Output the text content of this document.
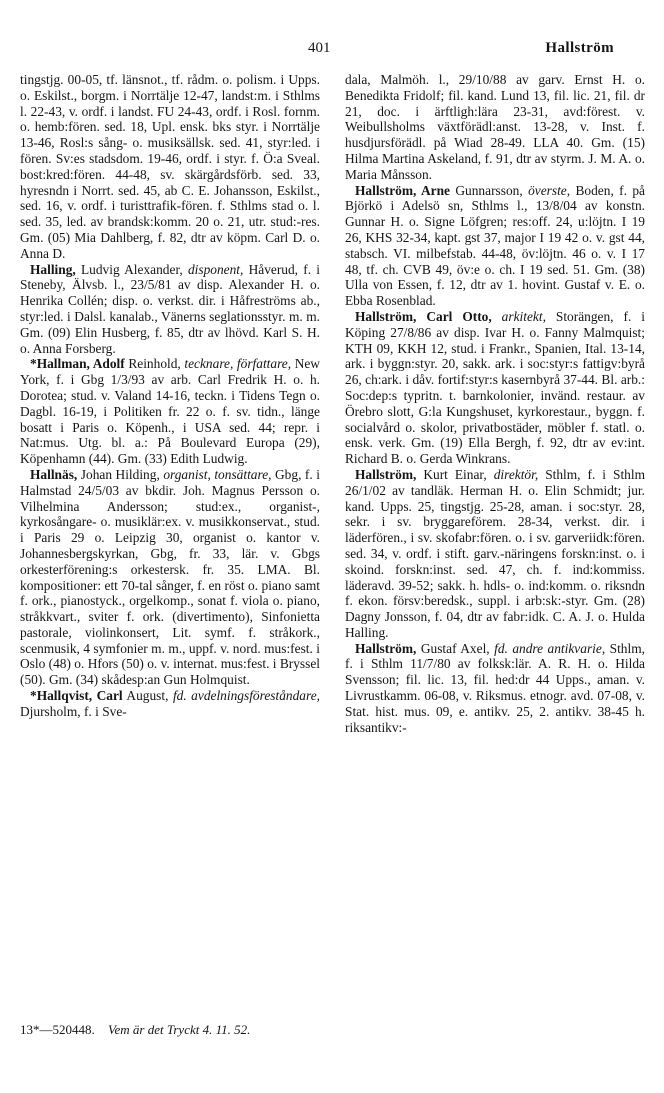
401	Hallström

tingstjg. 00-05, tf. länsnot., tf. rådm. o. polism. i Upps. o. Eskilst., borgm. i Norrtälje 12-47, landst:m. i Sthlms l. 22-43, v. ordf. i landst. FU 24-43, ordf. i Rosl. fornm. o. hemb:fören. sed. 18, Upl. ensk. bks styr. i Norrtälje 13-46, Rosl:s sång- o. musiksällsk. sed. 41, styr:led. i fören. Sv:es stadsdom. 19-46, ordf. i styr. f. Ö:a Sveal. bost:kred:fören. 44-48, sv. skärgårdsförb. sed. 33, hyresndn i Norrt. sed. 45, ab C. E. Johansson, Eskilst., sed. 16, v. ordf. i turisttrafik-fören. f. Sthlms stad o. l. sed. 35, led. av brandsk:komm. 20 o. 21, utr. stud:-res. Gm. (05) Mia Dahlberg, f. 82, dtr av köpm. Carl D. o. Anna D.

Halling, Ludvig Alexander, disponent, Håverud, f. i Steneby, Älvsb. l., 23/5/81 av disp. Alexander H. o. Henrika Collén; disp. o. verkst. dir. i Håfreströms ab., styr:led. i Dalsl. kanalab., Vänerns seglationsstyr. m. m. Gm. (09) Elin Husberg, f. 85, dtr av lhövd. Karl S. H. o. Anna Forsberg.

*Hallman, Adolf Reinhold, tecknare, författare, New York, f. i Gbg 1/3/93 av arb. Carl Fredrik H. o. h. Dorotea; stud. v. Valand 14-16, teckn. i Tidens Tegn o. Dagbl. 16-19, i Politiken fr. 22 o. f. sv. tidn., länge bosatt i Paris o. Köpenh., i USA sed. 44; repr. i Nat:mus. Utg. bl. a.: På Boulevard Europa (29), Köpenhamn (44). Gm. (33) Edith Ludwig.

Hallnäs, Johan Hilding, organist, tonsättare, Gbg, f. i Halmstad 24/5/03 av bkdir. Joh. Magnus Persson o. Vilhelmina Andersson; stud:ex., organist-, kyrkosångare- o. musiklär:ex. v. musikkonservat., stud. i Paris 29 o. Leipzig 30, organist o. kantor v. Johannesbergskyrkan, Gbg, fr. 33, lär. v. Gbgs orkesterförening:s orkestersk. fr. 35. LMA. Bl. kompositioner: ett 70-tal sånger, f. en röst o. piano samt f. ork., pianostyck., orgelkomp., sonat f. viola o. piano, stråkkvart., sviter f. ork. (divertimento), Sinfonietta pastorale, violinkonsert, Lit. symf. f. stråkork., scenmusik, 4 symfonier m. m., uppf. v. nord. mus:fest. i Oslo (48) o. Hfors (50) o. v. internat. mus:fest. i Bryssel (50). Gm. (34) skådesp:an Gun Holmquist.

*Hallqvist, Carl August, fd. avdelningsföreståndare, Djursholm, f. i Sve-

dala, Malmöh. l., 29/10/88 av garv. Ernst H. o. Benedikta Fridolf; fil. kand. Lund 13, fil. lic. 21, fil. dr 21, doc. i ärftligh:lära 23-31, avd:förest. v. Weibullsholms växtförädl:anst. 13-28, v. Inst. f. husdjursförädl. på Wiad 28-49. LLA 40. Gm. (15) Hilma Martina Askeland, f. 91, dtr av styrm. J. M. A. o. Maria Månsson.

Hallström, Arne Gunnarsson, överste, Boden, f. på Björkö i Adelsö sn, Sthlms l., 13/8/04 av konstn. Gunnar H. o. Signe Löfgren; res:off. 24, u:löjtn. I 19 26, KHS 32-34, kapt. gst 37, major I 19 42 o. v. gst 44, stabsch. VI. milbefstab. 44-48, öv:löjtn. 46 o. v. I 17 48, tf. ch. CVB 49, öv:e o. ch. I 19 sed. 51. Gm. (38) Ulla von Essen, f. 12, dtr av 1. hovint. Gustaf v. E. o. Ebba Rosenblad.

Hallström, Carl Otto, arkitekt, Storängen, f. i Köping 27/8/86 av disp. Ivar H. o. Fanny Malmquist; KTH 09, KKH 12, stud. i Frankr., Spanien, Ital. 13-14, ark. i byggn:styr. 20, sakk. ark. i soc:styr:s fattigv:byrå 26, ch:ark. i dåv. fortif:styr:s kasernbyrå 37-44. Bl. arb.: Soc:dep:s typritn. t. barnkolonier, invänd. restaur. av Örebro slott, G:la Kungshuset, kyrkorestaur., byggn. f. socialvård o. skolor, privatbostäder, möbler f. statl. o. ensk. verk. Gm. (19) Ella Bergh, f. 92, dtr av ev:int. Richard B. o. Gerda Winkrans.

Hallström, Kurt Einar, direktör, Sthlm, f. i Sthlm 26/1/02 av tandläk. Herman H. o. Elin Schmidt; jur. kand. Upps. 25, tingstjg. 25-28, aman. i soc:styr. 28, sekr. i sv. bryggareförem. 28-34, verkst. dir. i läderfören., i sv. skofabr:fören. o. i sv. garveriidk:fören. sed. 34, v. ordf. i stift. garv.-näringens forskn:inst. o. i skoind. forskn:inst. sed. 47, ch. f. ind:kommiss. läderavd. 39-52; sakk. h. hdls- o. ind:komm. o. riksndn f. ekon. försv:beredsk., suppl. i arb:sk:-styr. Gm. (28) Dagny Jonsson, f. 04, dtr av fabr:idk. C. A. J. o. Hulda Halling.

Hallström, Gustaf Axel, fd. andre antikvarie, Sthlm, f. i Sthlm 11/7/80 av folksk:lär. A. R. H. o. Hilda Svensson; fil. lic. 13, fil. hed:dr 44 Upps., aman. v. Livrustkamm. 06-08, v. Riksmus. etnogr. avd. 07-08, v. Stat. hist. mus. 09, e. antikv. 25, 2. antikv. 38-45 h. riksantikv:-

13*—520448. Vem är det Tryckt 4. 11. 52.
